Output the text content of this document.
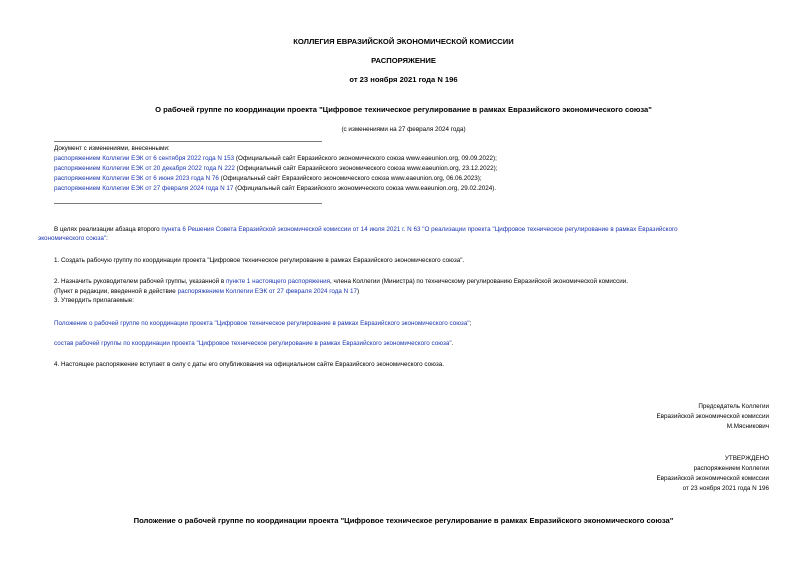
КОЛЛЕГИЯ ЕВРАЗИЙСКОЙ ЭКОНОМИЧЕСКОЙ КОМИССИИ
РАСПОРЯЖЕНИЕ
от 23 ноября 2021 года N 196
О рабочей группе по координации проекта "Цифровое техническое регулирование в рамках Евразийского экономического союза"
(с изменениями на 27 февраля 2024 года)
Документ с изменениями, внесенными:
распоряжением Коллегии ЕЭК от 6 сентября 2022 года N 153 (Официальный сайт Евразийского экономического союза www.eaeunion.org, 09.09.2022);
распоряжением Коллегии ЕЭК от 20 декабря 2022 года N 222 (Официальный сайт Евразийского экономического союза www.eaeunion.org, 23.12.2022);
распоряжением Коллегии ЕЭК от 6 июня 2023 года N 76 (Официальный сайт Евразийского экономического союза www.eaeunion.org, 06.06.2023);
распоряжением Коллегии ЕЭК от 27 февраля 2024 года N 17 (Официальный сайт Евразийского экономического союза www.eaeunion.org, 29.02.2024).
В целях реализации абзаца второго пункта 6 Решения Совета Евразийской экономической комиссии от 14 июля 2021 г. N 63 "О реализации проекта "Цифровое техническое регулирование в рамках Евразийского
экономического союза":
1. Создать рабочую группу по координации проекта "Цифровое техническое регулирование в рамках Евразийского экономического союза".
2. Назначить руководителем рабочей группы, указанной в пункте 1 настоящего распоряжения, члена Коллегии (Министра) по техническому регулированию Евразийской экономической комиссии.
(Пункт в редакции, введенной в действие распоряжением Коллегии ЕЭК от 27 февраля 2024 года N 17)
3. Утвердить прилагаемые:
Положение о рабочей группе по координации проекта "Цифровое техническое регулирование в рамках Евразийского экономического союза";
состав рабочей группы по координации проекта "Цифровое техническое регулирование в рамках Евразийского экономического союза".
4. Настоящее распоряжение вступает в силу с даты его опубликования на официальном сайте Евразийского экономического союза.
Председатель Коллегии
Евразийской экономической комиссии
М.Мясникович
УТВЕРЖДЕНО
распоряжением Коллегии
Евразийской экономической комиссии
от 23 ноября 2021 года N 196
Положение о рабочей группе по координации проекта "Цифровое техническое регулирование в рамках Евразийского экономического союза"
